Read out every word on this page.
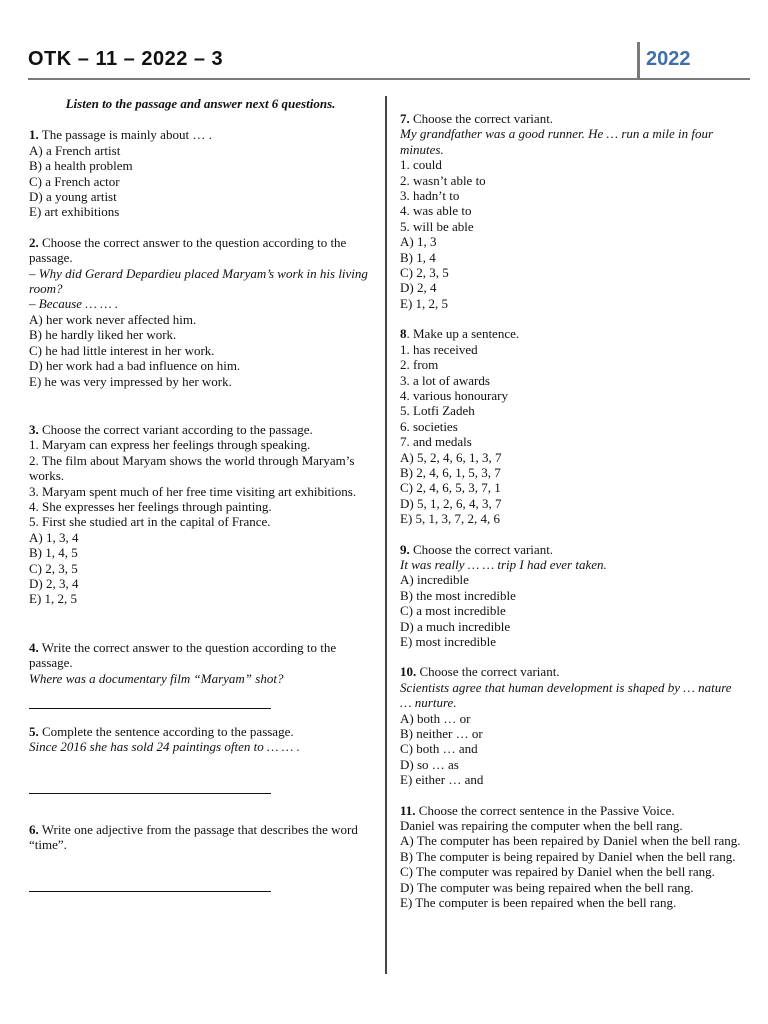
OTK – 11 – 2022 – 3	2022
Listen to the passage and answer next 6 questions.

1. The passage is mainly about … .

A) a French artist

B) a health problem

C) a French actor

D) a young artist

E) art exhibitions

2. Choose the correct answer to the question according to the passage.

– Why did Gerard Depardieu placed Maryam’s work in his living room?

– Because … … .

A) her work never affected him.

B) he hardly liked her work.

C) he had little interest in her work.

D) her work had a bad influence on him.

E) he was very impressed by her work.

3. Choose the correct variant according to the passage.

1. Maryam can express her feelings through speaking.

2. The film about Maryam shows the world through Maryam’s works.

3. Maryam spent much of her free time visiting art exhibitions.

4. She expresses her feelings through painting.

5. First she studied art in the capital of France.

A) 1, 3, 4

B) 1, 4, 5

C) 2, 3, 5

D) 2, 3, 4

E) 1, 2, 5

4. Write the correct answer to the question according to the passage.

Where was a documentary film “Maryam” shot?

5. Complete the sentence according to the passage.

Since 2016 she has sold 24 paintings often to … … .

6. Write one adjective from the passage that describes the word “time”.

7. Choose the correct variant.

My grandfather was a good runner. He … run a mile in four minutes.

1. could

2. wasn’t able to

3. hadn’t to

4. was able to

5. will be able

A) 1, 3

B) 1, 4

C) 2, 3, 5

D) 2, 4

E) 1, 2, 5

8. Make up a sentence.

1. has received

2. from

3. a lot of awards

4. various honourary

5. Lotfi Zadeh

6. societies

7. and medals

A) 5, 2, 4, 6, 1, 3, 7

B) 2, 4, 6, 1, 5, 3, 7

C) 2, 4, 6, 5, 3, 7, 1

D) 5, 1, 2, 6, 4, 3, 7

E) 5, 1, 3, 7, 2, 4, 6

9. Choose the correct variant.

It was really … … trip I had ever taken.

A) incredible

B) the most incredible

C) a most incredible

D) a much incredible

E) most incredible

10. Choose the correct variant.

Scientists agree that human development is shaped by … nature … nurture.

A) both … or

B) neither … or

C) both … and

D) so … as

E) either … and

11. Choose the correct sentence in the Passive Voice.

Daniel was repairing the computer when the bell rang.

A) The computer has been repaired by Daniel when the bell rang.

B) The computer is being repaired by Daniel when the bell rang.

C) The computer was repaired by Daniel when the bell rang.

D) The computer was being repaired when the bell rang.

E) The computer is been repaired when the bell rang.
